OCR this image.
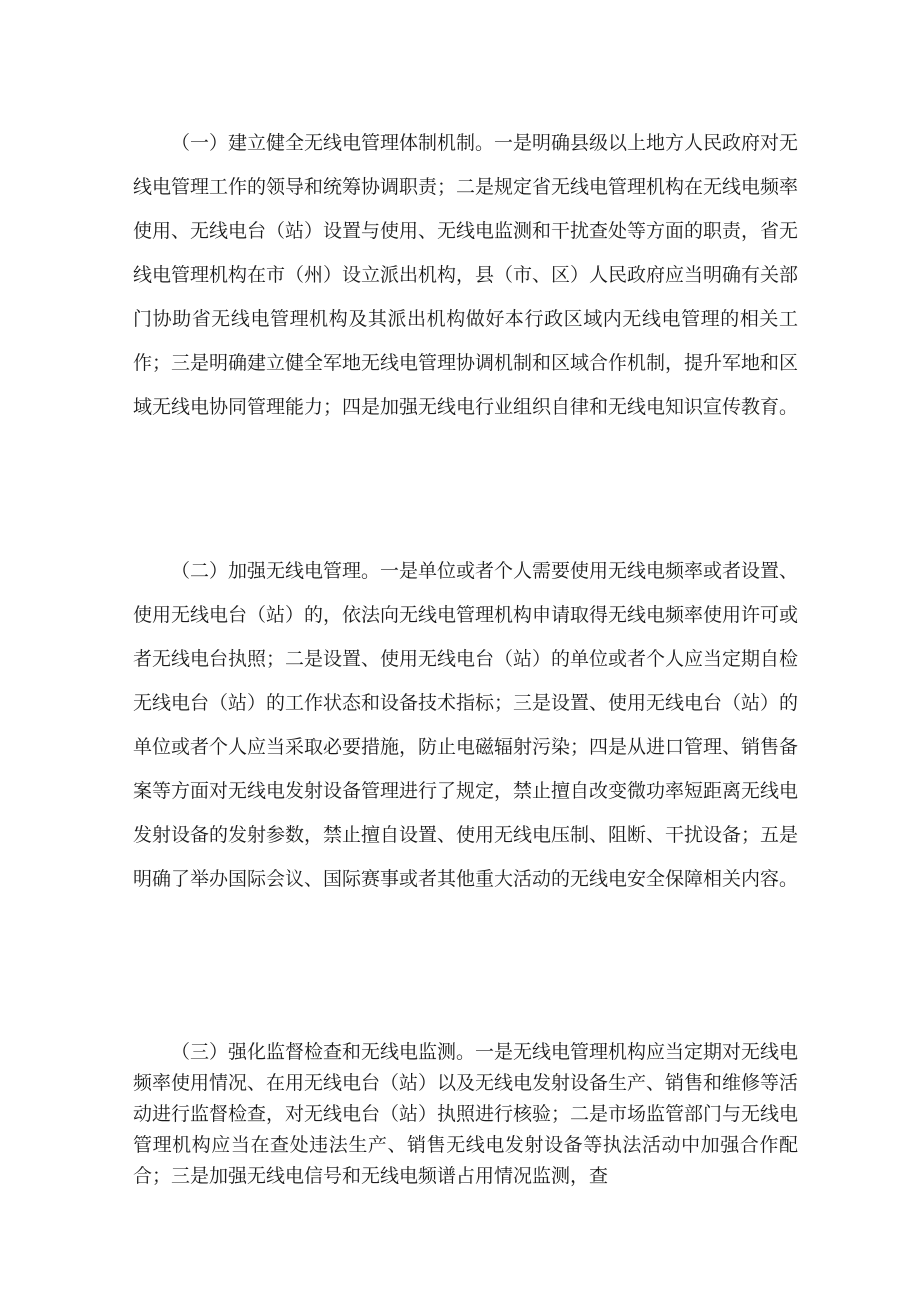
（一）建立健全无线电管理体制机制。一是明确县级以上地方人民政府对无线电管理工作的领导和统筹协调职责；二是规定省无线电管理机构在无线电频率使用、无线电台（站）设置与使用、无线电监测和干扰查处等方面的职责，省无线电管理机构在市（州）设立派出机构，县（市、区）人民政府应当明确有关部门协助省无线电管理机构及其派出机构做好本行政区域内无线电管理的相关工作；三是明确建立健全军地无线电管理协调机制和区域合作机制，提升军地和区域无线电协同管理能力；四是加强无线电行业组织自律和无线电知识宣传教育。

（二）加强无线电管理。一是单位或者个人需要使用无线电频率或者设置、使用无线电台（站）的，依法向无线电管理机构申请取得无线电频率使用许可或者无线电台执照；二是设置、使用无线电台（站）的单位或者个人应当定期自检无线电台（站）的工作状态和设备技术指标；三是设置、使用无线电台（站）的单位或者个人应当采取必要措施，防止电磁辐射污染；四是从进口管理、销售备案等方面对无线电发射设备管理进行了规定，禁止擅自改变微功率短距离无线电发射设备的发射参数，禁止擅自设置、使用无线电压制、阻断、干扰设备；五是明确了举办国际会议、国际赛事或者其他重大活动的无线电安全保障相关内容。

（三）强化监督检查和无线电监测。一是无线电管理机构应当定期对无线电频率使用情况、在用无线电台（站）以及无线电发射设备生产、销售和维修等活动进行监督检查，对无线电台（站）执照进行核验；二是市场监管部门与无线电管理机构应当在查处违法生产、销售无线电发射设备等执法活动中加强合作配合；三是加强无线电信号和无线电频谱占用情况监测，查
